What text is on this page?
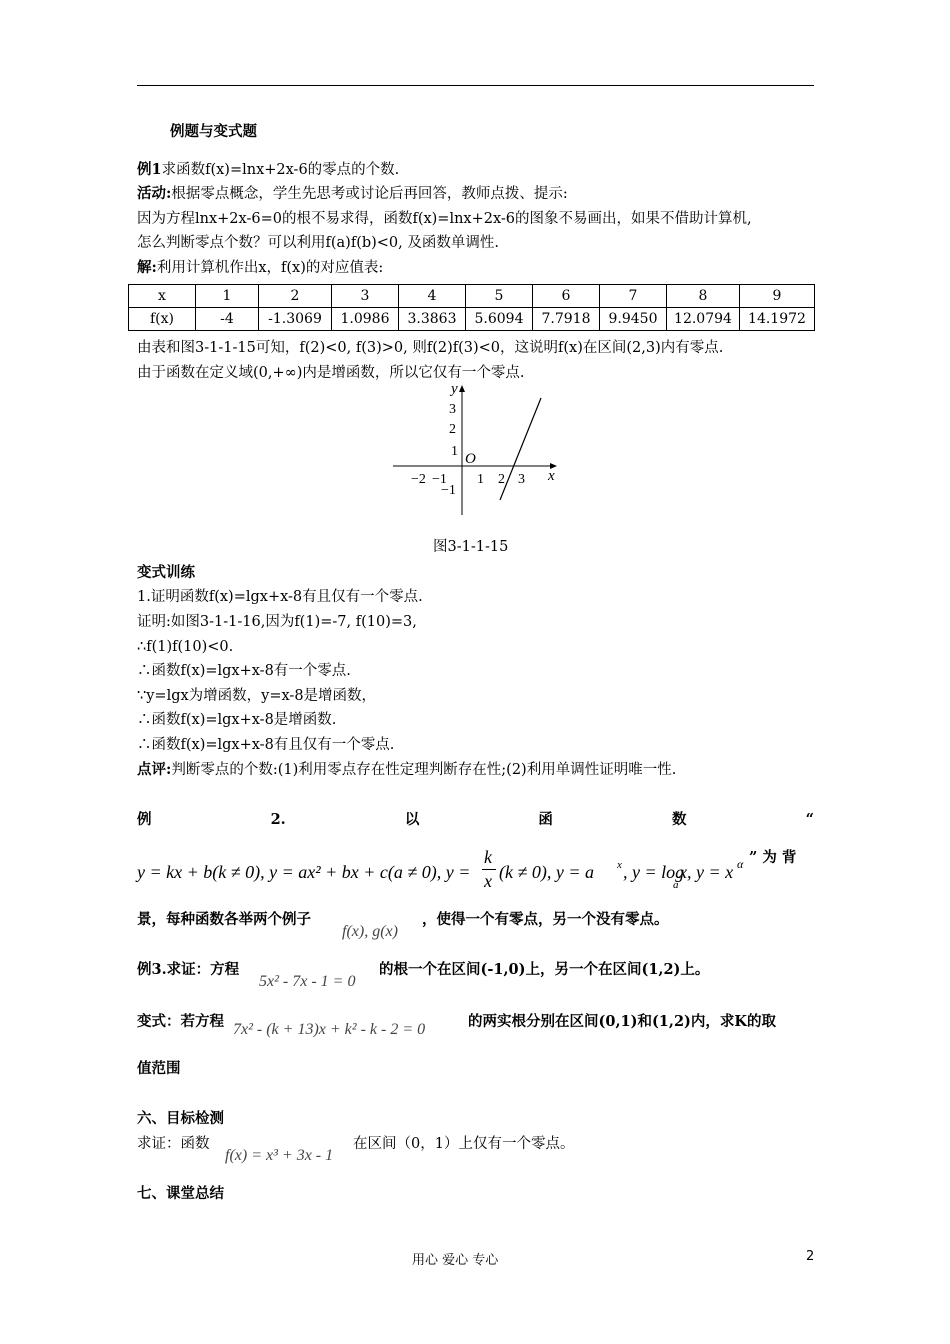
例题与变式题
例1求函数f(x)=lnx+2x-6的零点的个数.
活动:根据零点概念，学生先思考或讨论后再回答，教师点拨、提示:
因为方程lnx+2x-6=0的根不易求得，函数f(x)=lnx+2x-6的图象不易画出，如果不借助计算机,
怎么判断零点个数？可以利用f(a)f(b)<0, 及函数单调性.
解:利用计算机作出x，f(x)的对应值表:
x	1	2	3	4	5	6	7	8	9
f(x)	-4	-1.3069	1.0986	3.3863	5.6094	7.7918	9.9450	12.0794	14.1972
由表和图3-1-1-15可知，f(2)<0, f(3)>0, 则f(2)f(3)<0，这说明f(x)在区间(2,3)内有零点.
由于函数在定义域(0,+∞)内是增函数，所以它仅有一个零点.
y
x
O
3
2
1
−1
−2 −1 1 2 3
图3-1-1-15
变式训练
1.证明函数f(x)=lgx+x-8有且仅有一个零点.
证明:如图3-1-1-16,因为f(1)=-7, f(10)=3,
∴f(1)f(10)<0.
∴函数f(x)=lgx+x-8有一个零点.
∵y=lgx为增函数，y=x-8是增函数，
∴函数f(x)=lgx+x-8是增函数.
∴函数f(x)=lgx+x-8有且仅有一个零点.
点评:判断零点的个数:(1)利用零点存在性定理判断存在性;(2)利用单调性证明唯一性.
例	2.	以	函	数	“
y = kx + b(k ≠ 0), y = ax² + bx + c(a ≠ 0), y =
k
x (k ≠ 0), y = a x , y = log
a
x, y = x α ” 为 背
景，每种函数各举两个例子
f(x), g(x)
，使得一个有零点，另一个没有零点。
例3.求证：方程
5x² - 7x - 1 = 0
的根一个在区间(-1,0)上，另一个在区间(1,2)上。
变式：若方程 7x² - (k + 13)x + k² - k - 2 = 0	的两实根分别在区间(0,1)和(1,2)内，求K的取
值范围
六、目标检测
求证：函数
f(x) = x³ + 3x - 1
在区间（0，1）上仅有一个零点。
七、课堂总结
用心 爱心 专心	2
